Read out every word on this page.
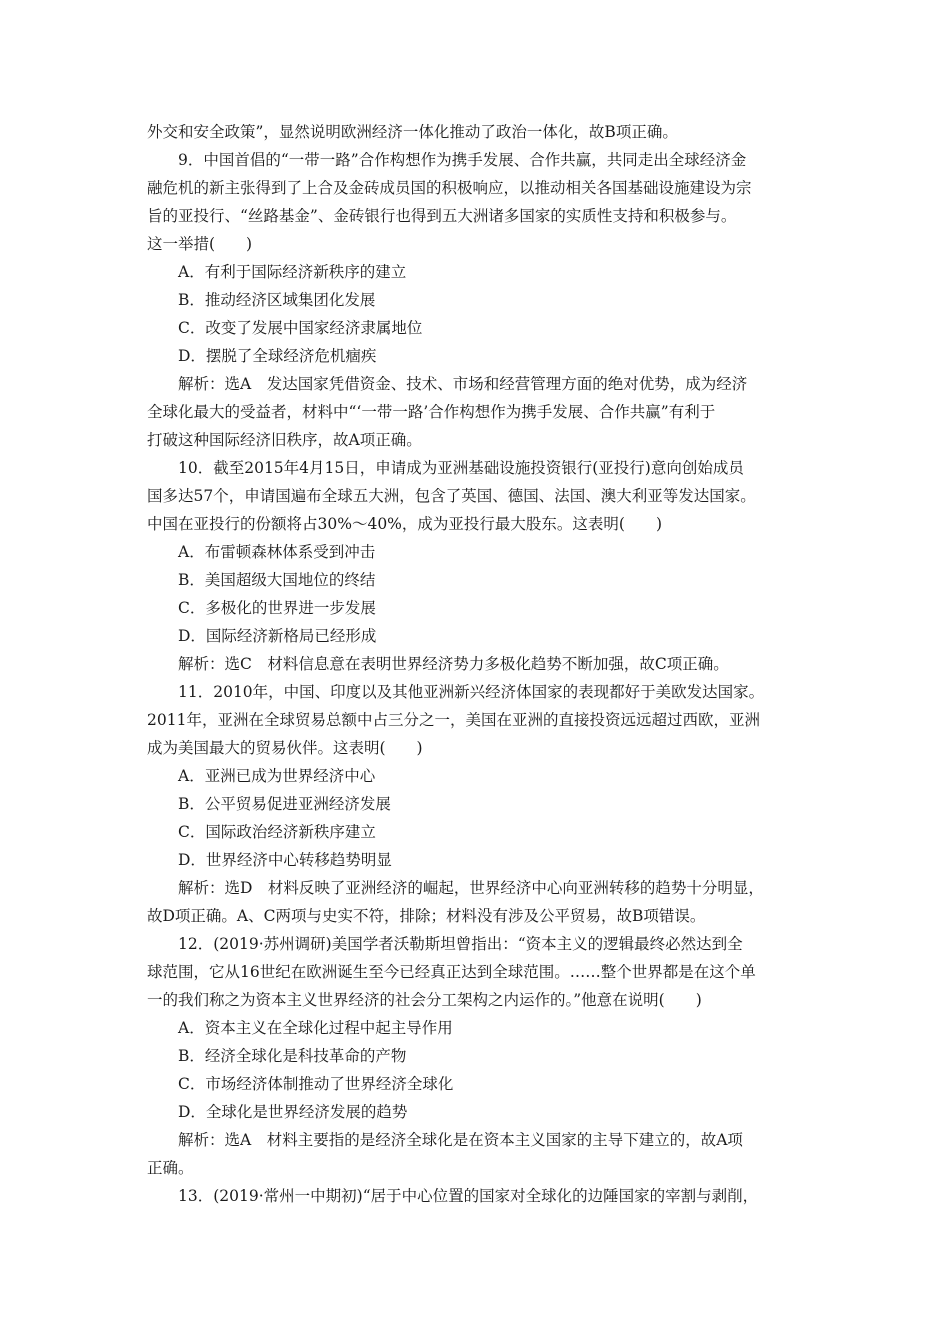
外交和安全政策”，显然说明欧洲经济一体化推动了政治一体化，故B项正确。
9．中国首倡的“一带一路”合作构想作为携手发展、合作共赢，共同走出全球经济金
融危机的新主张得到了上合及金砖成员国的积极响应，以推动相关各国基础设施建设为宗
旨的亚投行、“丝路基金”、金砖银行也得到五大洲诸多国家的实质性支持和积极参与。
这一举措(　　)
A．有利于国际经济新秩序的建立
B．推动经济区域集团化发展
C．改变了发展中国家经济隶属地位
D．摆脱了全球经济危机痼疾
解析：选A　发达国家凭借资金、技术、市场和经营管理方面的绝对优势，成为经济
全球化最大的受益者，材料中“‘一带一路’合作构想作为携手发展、合作共赢”有利于
打破这种国际经济旧秩序，故A项正确。
10．截至2015年4月15日，申请成为亚洲基础设施投资银行(亚投行)意向创始成员
国多达57个，申请国遍布全球五大洲，包含了英国、德国、法国、澳大利亚等发达国家。
中国在亚投行的份额将占30%～40%，成为亚投行最大股东。这表明(　　)
A．布雷顿森林体系受到冲击
B．美国超级大国地位的终结
C．多极化的世界进一步发展
D．国际经济新格局已经形成
解析：选C　材料信息意在表明世界经济势力多极化趋势不断加强，故C项正确。
11．2010年，中国、印度以及其他亚洲新兴经济体国家的表现都好于美欧发达国家。
2011年，亚洲在全球贸易总额中占三分之一，美国在亚洲的直接投资远远超过西欧，亚洲
成为美国最大的贸易伙伴。这表明(　　)
A．亚洲已成为世界经济中心
B．公平贸易促进亚洲经济发展
C．国际政治经济新秩序建立
D．世界经济中心转移趋势明显
解析：选D　材料反映了亚洲经济的崛起，世界经济中心向亚洲转移的趋势十分明显，
故D项正确。A、C两项与史实不符，排除；材料没有涉及公平贸易，故B项错误。
12．(2019·苏州调研)美国学者沃勒斯坦曾指出：“资本主义的逻辑最终必然达到全
球范围，它从16世纪在欧洲诞生至今已经真正达到全球范围。……整个世界都是在这个单
一的我们称之为资本主义世界经济的社会分工架构之内运作的。”他意在说明(　　)
A．资本主义在全球化过程中起主导作用
B．经济全球化是科技革命的产物
C．市场经济体制推动了世界经济全球化
D．全球化是世界经济发展的趋势
解析：选A　材料主要指的是经济全球化是在资本主义国家的主导下建立的，故A项
正确。
13．(2019·常州一中期初)“居于中心位置的国家对全球化的边陲国家的宰割与剥削，
